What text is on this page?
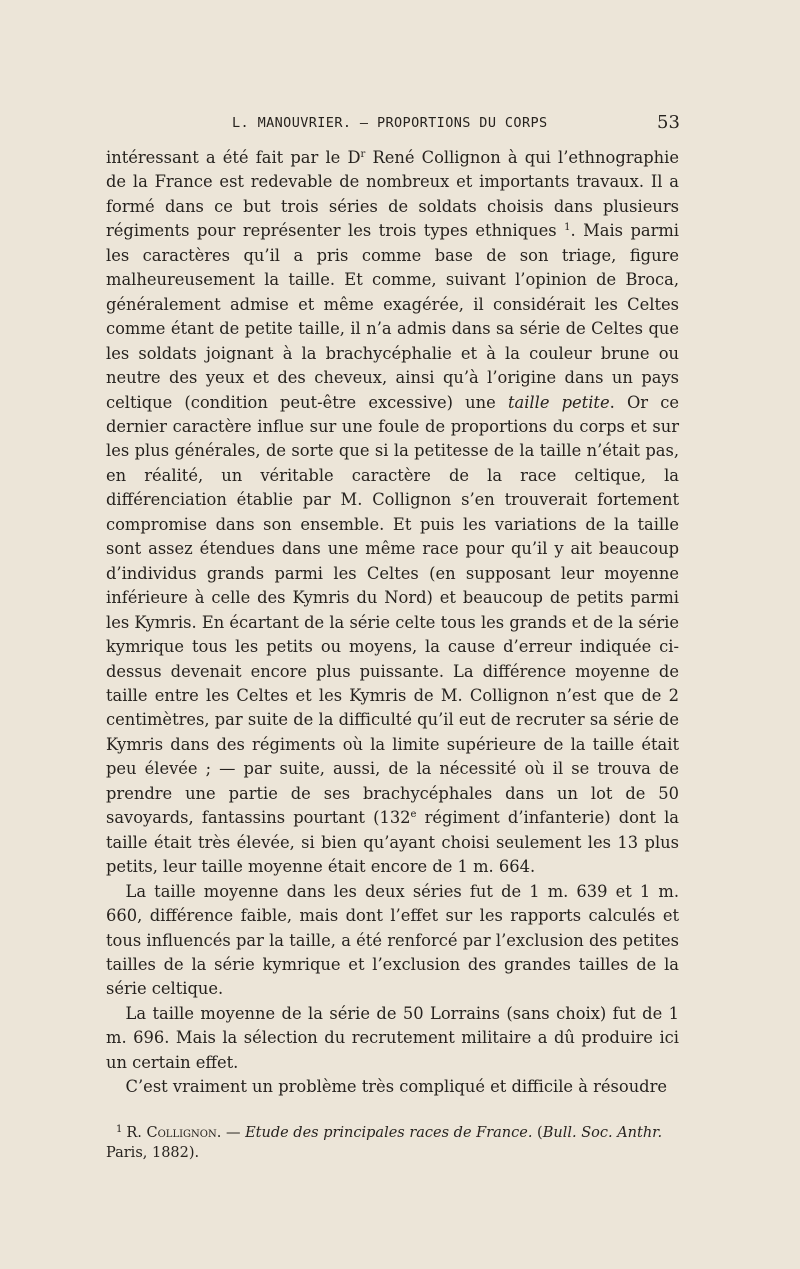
L. MANOUVRIER. — PROPORTIONS DU CORPS	53

intéressant a été fait par le $D^r$ René Collignon à qui l’ethnographie de la France est redevable de nombreux et importants travaux. Il a formé dans ce but trois séries de soldats choisis dans plusieurs régiments pour représenter les trois types ethniques $^1$. Mais parmi les caractères qu’il a pris comme base de son triage, figure malheureusement la taille. Et comme, suivant l’opinion de Broca, généralement admise et même exagérée, il considérait les Celtes comme étant de petite taille, il n’a admis dans sa série de Celtes que les soldats joignant à la brachycéphalie et à la couleur brune ou neutre des yeux et des cheveux, ainsi qu’à l’origine dans un pays celtique (condition peut-être excessive) une taille petite. Or ce dernier caractère influe sur une foule de proportions du corps et sur les plus générales, de sorte que si la petitesse de la taille n’était pas, en réalité, un véritable caractère de la race celtique, la différenciation établie par M. Collignon s’en trouverait fortement compromise dans son ensemble. Et puis les variations de la taille sont assez étendues dans une même race pour qu’il y ait beaucoup d’individus grands parmi les Celtes (en supposant leur moyenne inférieure à celle des Kymris du Nord) et beaucoup de petits parmi les Kymris. En écartant de la série celte tous les grands et de la série kymrique tous les petits ou moyens, la cause d’erreur indiquée ci-dessus devenait encore plus puissante. La différence moyenne de taille entre les Celtes et les Kymris de M. Collignon n’est que de 2 centimètres, par suite de la difficulté qu’il eut de recruter sa série de Kymris dans des régiments où la limite supérieure de la taille était peu élevée ; — par suite, aussi, de la nécessité où il se trouva de prendre une partie de ses brachycéphales dans un lot de 50 savoyards, fantassins pourtant (132e régiment d’infanterie) dont la taille était très élevée, si bien qu’ayant choisi seulement les 13 plus petits, leur taille moyenne était encore de 1 m. 664.

La taille moyenne dans les deux séries fut de 1 m. 639 et 1 m. 660, différence faible, mais dont l’effet sur les rapports calculés et tous influencés par la taille, a été renforcé par l’exclusion des petites tailles de la série kymrique et l’exclusion des grandes tailles de la série celtique.

La taille moyenne de la série de 50 Lorrains (sans choix) fut de 1 m. 696. Mais la sélection du recrutement militaire a dû produire ici un certain effet.

C’est vraiment un problème très compliqué et difficile à résoudre

$^1$ R. Collignon. — Etude des principales races de France. (Bull. Soc. Anthr. Paris, 1882).
